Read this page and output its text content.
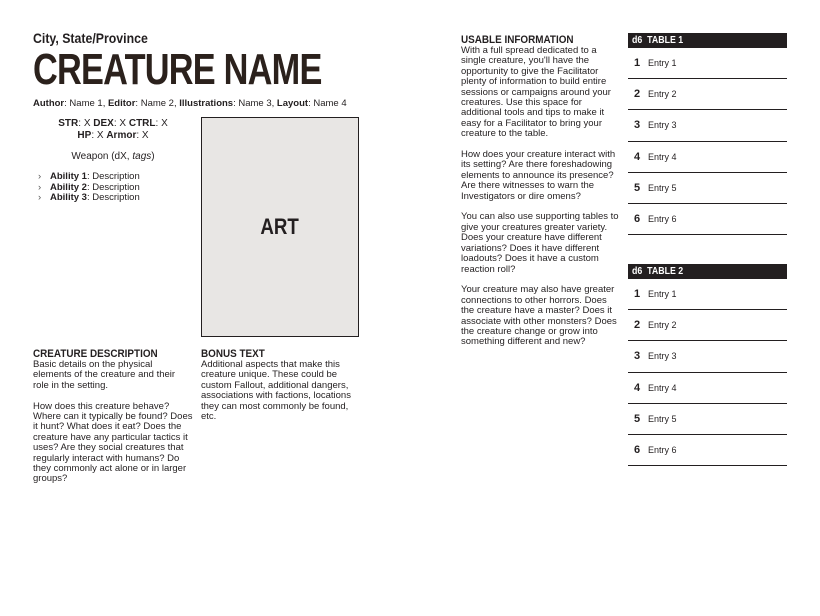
City, State/Province
CREATURE NAME
Author: Name 1, Editor: Name 2, Illustrations: Name 3, Layout: Name 4
STR: X DEX: X CTRL: X
HP: X Armor: X
Weapon (dX, tags)
› Ability 1: Description
› Ability 2: Description
› Ability 3: Description
ART
CREATURE DESCRIPTION

Basic details on the physical elements of the creature and their role in the setting.

How does this creature behave? Where can it typically be found? Does it hunt? What does it eat? Does the creature have any particular tactics it uses? Are they social creatures that regularly interact with humans? Do they commonly act alone or in larger groups?

BONUS TEXT

Additional aspects that make this creature unique. These could be custom Fallout, additional dangers, associations with factions, locations they can most commonly be found, etc.

USABLE INFORMATION

With a full spread dedicated to a single creature, you'll have the opportunity to give the Facilitator plenty of information to build entire sessions or campaigns around your creatures. Use this space for additional tools and tips to make it easy for a Facilitator to bring your creature to the table.

How does your creature interact with its setting? Are there foreshadowing elements to announce its presence? Are there witnesses to warn the Investigators or dire omens?

You can also use supporting tables to give your creatures greater variety. Does your creature have different variations? Does it have different loadouts? Does it have a custom reaction roll?

Your creature may also have greater connections to other horrors. Does the creature have a master? Does it associate with other monsters? Does the creature change or grow into something different and new?

d6 TABLE 1
1 Entry 1
2 Entry 2
3 Entry 3
4 Entry 4
5 Entry 5
6 Entry 6
d6 TABLE 2
1 Entry 1
2 Entry 2
3 Entry 3
4 Entry 4
5 Entry 5
6 Entry 6
